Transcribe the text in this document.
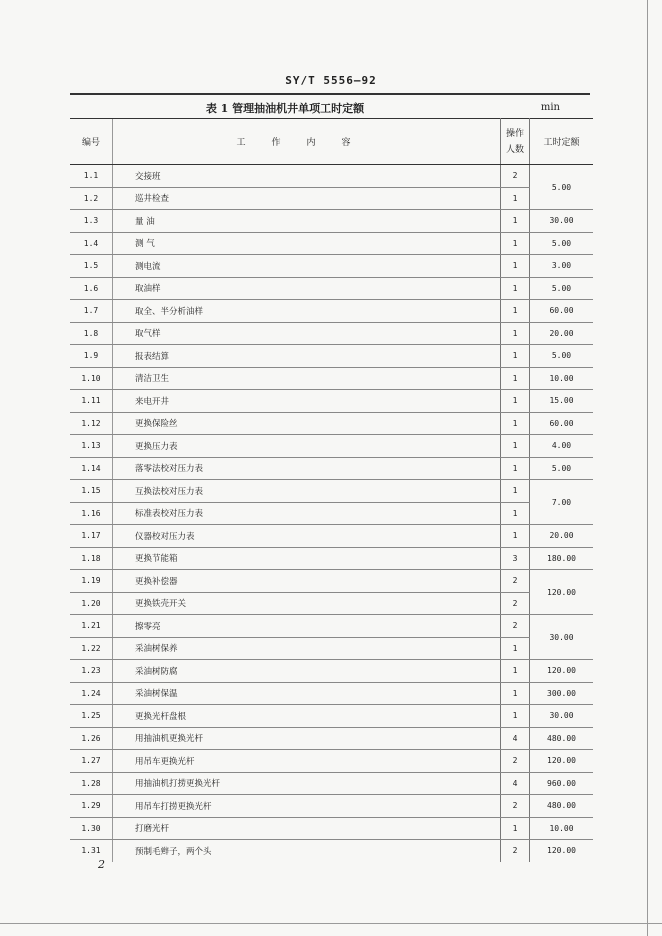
SY/T 5556—92
表 1 管理抽油机井单项工时定额	min
编号	工作内容	操作
人数	工时定额
1.1	交接班	2	5.00
1.2	巡井检查	1	
1.3	量 油	1	30.00
1.4	测 气	1	5.00
1.5	测电流	1	3.00
1.6	取油样	1	5.00
1.7	取全、半分析油样	1	60.00
1.8	取气样	1	20.00
1.9	报表结算	1	5.00
1.10	清洁卫生	1	10.00
1.11	来电开井	1	15.00
1.12	更换保险丝	1	60.00
1.13	更换压力表	1	4.00
1.14	落零法校对压力表	1	5.00
1.15	互换法校对压力表	1	7.00
1.16	标准表校对压力表	1	
1.17	仪器校对压力表	1	20.00
1.18	更换节能箱	3	180.00
1.19	更换补偿器	2	120.00
1.20	更换铁壳开关	2	
1.21	擦零亮	2	30.00
1.22	采油树保养	1	
1.23	采油树防腐	1	120.00
1.24	采油树保温	1	300.00
1.25	更换光杆盘根	1	30.00
1.26	用抽油机更换光杆	4	480.00
1.27	用吊车更换光杆	2	120.00
1.28	用抽油机打捞更换光杆	4	960.00
1.29	用吊车打捞更换光杆	2	480.00
1.30	打磨光杆	1	10.00
1.31	预制毛辫子，两个头	2	120.00
2
